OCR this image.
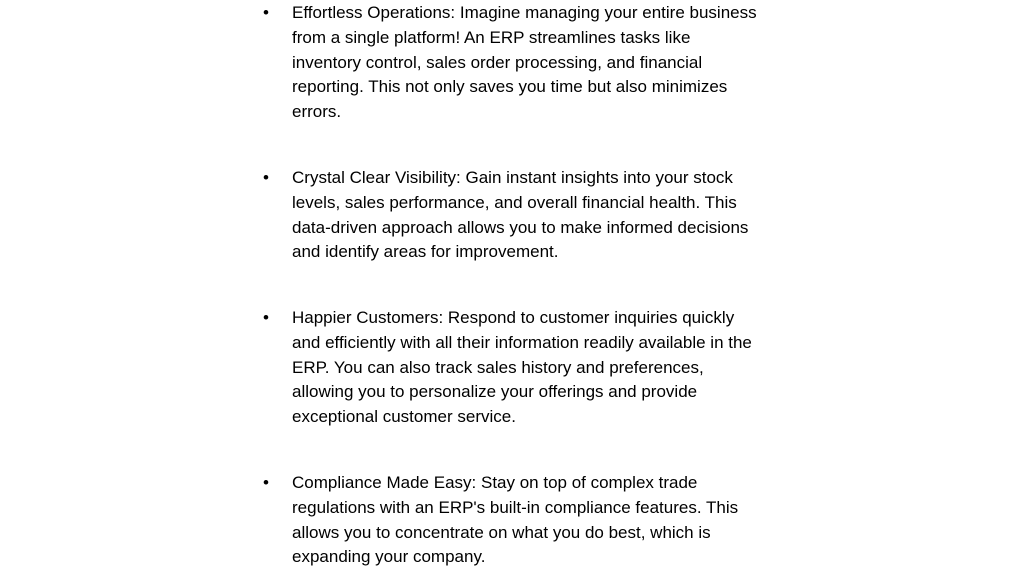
•	Effortless Operations: Imagine managing your entire business from a single platform! An ERP streamlines tasks like inventory control, sales order processing, and financial reporting. This not only saves you time but also minimizes errors.
•	Crystal Clear Visibility: Gain instant insights into your stock levels, sales performance, and overall financial health. This data-driven approach allows you to make informed decisions and identify areas for improvement.
•	Happier Customers: Respond to customer inquiries quickly and efficiently with all their information readily available in the ERP. You can also track sales history and preferences, allowing you to personalize your offerings and provide exceptional customer service.
•	Compliance Made Easy: Stay on top of complex trade regulations with an ERP's built-in compliance features. This allows you to concentrate on what you do best, which is expanding your company.
